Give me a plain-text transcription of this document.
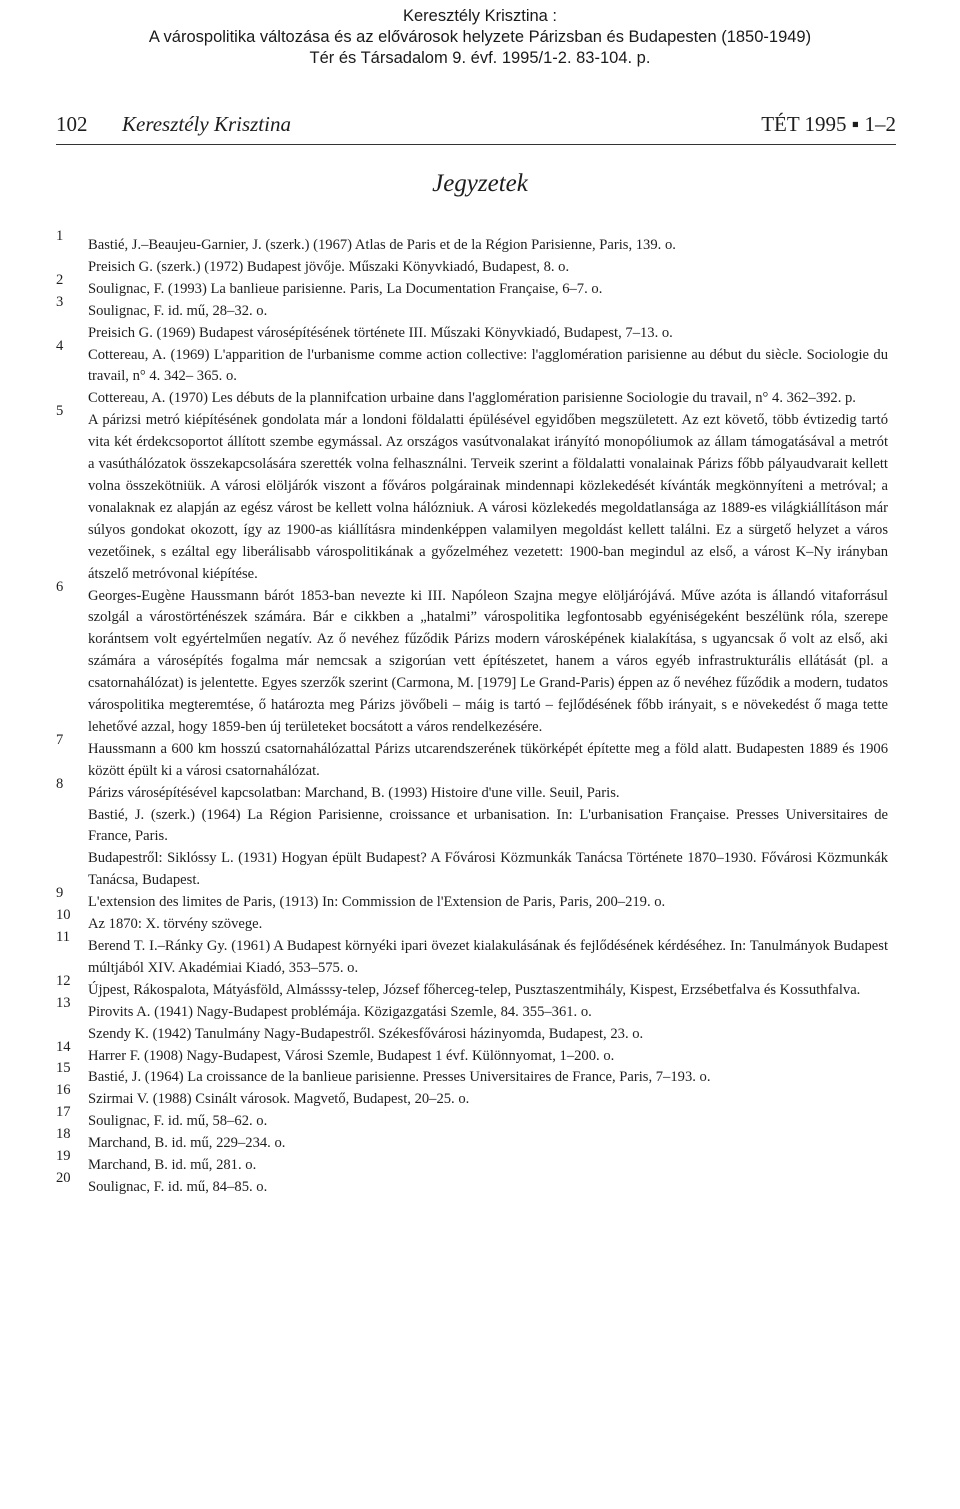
Keresztély Krisztina :
A várospolitika változása és az elővárosok helyzete Párizsban és Budapesten (1850-1949)
Tér és Társadalom 9. évf. 1995/1-2. 83-104. p.
102 Keresztély Krisztina	TÉT 1995 ▪ 1–2
Jegyzetek
1
Bastié, J.–Beaujeu-Garnier, J. (szerk.) (1967) Atlas de Paris et de la Région Parisienne, Paris, 139. o.
Preisich G. (szerk.) (1972) Budapest jövője. Műszaki Könyvkiadó, Budapest, 8. o.
2
Soulignac, F. (1993) La banlieue parisienne. Paris, La Documentation Française, 6–7. o.
3
Soulignac, F. id. mű, 28–32. o.
Preisich G. (1969) Budapest városépítésének története III. Műszaki Könyvkiadó, Budapest, 7–13. o.
4
Cottereau, A. (1969) L'apparition de l'urbanisme comme action collective: l'agglomération parisienne au début du siècle. Sociologie du travail, n° 4. 342– 365. o.
Cottereau, A. (1970) Les débuts de la plannifcation urbaine dans l'agglomération parisienne Sociologie du travail, n° 4. 362–392. p.
5
A párizsi metró kiépítésének gondolata már a londoni földalatti épülésével egyidőben megszületett. Az ezt követő, több évtizedig tartó vita két érdekcsoportot állított szembe egymással. Az országos vasútvonalakat irányító monopóliumok az állam támogatásával a metrót a vasúthálózatok összekapcsolására szerették volna felhasználni. Terveik szerint a földalatti vonalainak Párizs főbb pályaudvarait kellett volna összekötniük. A városi elöljárók viszont a főváros polgárainak mindennapi közlekedését kívánták megkönnyíteni a metróval; a vonalaknak ez alapján az egész várost be kellett volna hálózniuk. A városi közlekedés megoldatlansága az 1889-es világkiállításon már súlyos gondokat okozott, így az 1900-as kiállításra mindenképpen valamilyen megoldást kellett találni. Ez a sürgető helyzet a város vezetőinek, s ezáltal egy liberálisabb várospolitikának a győzelméhez vezetett: 1900-ban megindul az első, a várost K–Ny irányban átszelő metróvonal kiépítése.
6
Georges-Eugène Haussmann bárót 1853-ban nevezte ki III. Napóleon Szajna megye elöljárójává. Műve azóta is állandó vitaforrásul szolgál a várostörténészek számára. Bár e cikkben a „hatalmi” várospolitika legfontosabb egyéniségeként beszélünk róla, szerepe korántsem volt egyértelműen negatív. Az ő nevéhez fűződik Párizs modern városképének kialakítása, s ugyancsak ő volt az első, aki számára a városépítés fogalma már nemcsak a szigorúan vett építészetet, hanem a város egyéb infrastrukturális ellátását (pl. a csatornahálózat) is jelentette. Egyes szerzők szerint (Carmona, M. [1979] Le Grand-Paris) éppen az ő nevéhez fűződik a modern, tudatos várospolitika megteremtése, ő határozta meg Párizs jövőbeli – máig is tartó – fejlődésének főbb irányait, s e növekedést ő maga tette lehetővé azzal, hogy 1859-ben új területeket bocsátott a város rendelkezésére.
7
Haussmann a 600 km hosszú csatornahálózattal Párizs utcarendszerének tükörképét építette meg a föld alatt. Budapesten 1889 és 1906 között épült ki a városi csatornahálózat.
8
Párizs városépítésével kapcsolatban: Marchand, B. (1993) Histoire d'une ville. Seuil, Paris.
Bastié, J. (szerk.) (1964) La Région Parisienne, croissance et urbanisation. In: L'urbanisation Française. Presses Universitaires de France, Paris.
Budapestről: Siklóssy L. (1931) Hogyan épült Budapest? A Fővárosi Közmunkák Tanácsa Története 1870–1930. Fővárosi Közmunkák Tanácsa, Budapest.
9
L'extension des limites de Paris, (1913) In: Commission de l'Extension de Paris, Paris, 200–219. o.
10
Az 1870: X. törvény szövege.
11
Berend T. I.–Ránky Gy. (1961) A Budapest környéki ipari övezet kialakulásának és fejlődésének kérdéséhez. In: Tanulmányok Budapest múltjából XIV. Akadémiai Kiadó, 353–575. o.
12
Újpest, Rákospalota, Mátyásföld, Almásssy-telep, József főherceg-telep, Pusztaszentmihály, Kispest, Erzsébetfalva és Kossuthfalva.
13
Pirovits A. (1941) Nagy-Budapest problémája. Közigazgatási Szemle, 84. 355–361. o.
Szendy K. (1942) Tanulmány Nagy-Budapestről. Székesfővárosi házinyomda, Budapest, 23. o.
14
Harrer F. (1908) Nagy-Budapest, Városi Szemle, Budapest 1 évf. Különnyomat, 1–200. o.
15
Bastié, J. (1964) La croissance de la banlieue parisienne. Presses Universitaires de France, Paris, 7–193. o.
16
Szirmai V. (1988) Csinált városok. Magvető, Budapest, 20–25. o.
17
Soulignac, F. id. mű, 58–62. o.
18
Marchand, B. id. mű, 229–234. o.
19
Marchand, B. id. mű, 281. o.
20
Soulignac, F. id. mű, 84–85. o.
